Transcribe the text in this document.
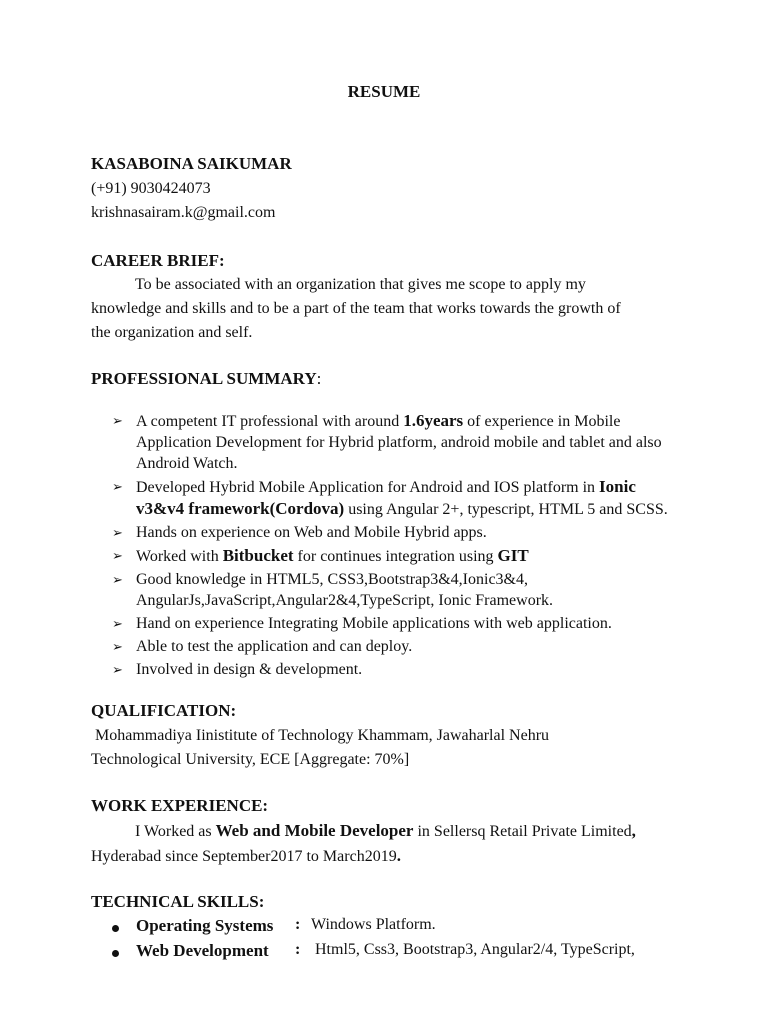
RESUME
KASABOINA SAIKUMAR
(+91) 9030424073
krishnasairam.k@gmail.com
CAREER BRIEF:
To be associated with an organization that gives me scope to apply my
knowledge and skills and to be a part of the team that works towards the growth of
the organization and self.
PROFESSIONAL SUMMARY:
➢ A competent IT professional with around 1.6years of experience in Mobile Application Development for Hybrid platform, android mobile and tablet and also Android Watch.
➢ Developed Hybrid Mobile Application for Android and IOS platform in Ionic v3&v4 framework(Cordova) using Angular 2+, typescript, HTML 5 and SCSS.
➢ Hands on experience on Web and Mobile Hybrid apps.
➢ Worked with Bitbucket for continues integration using GIT
➢ Good knowledge in HTML5, CSS3,Bootstrap3&4,Ionic3&4, AngularJs,JavaScript,Angular2&4,TypeScript, Ionic Framework.
➢ Hand on experience Integrating Mobile applications with web application.
➢ Able to test the application and can deploy.
➢ Involved in design & development.
QUALIFICATION:
Mohammadiya Iinistitute of Technology Khammam, Jawaharlal Nehru
Technological University, ECE [Aggregate: 70%]
WORK EXPERIENCE:
I Worked as Web and Mobile Developer in Sellersq Retail Private Limited,
Hyderabad since September2017 to March2019.
TECHNICAL SKILLS:
Operating Systems : Windows Platform.
Web Development : Html5, Css3, Bootstrap3, Angular2/4, TypeScript,
